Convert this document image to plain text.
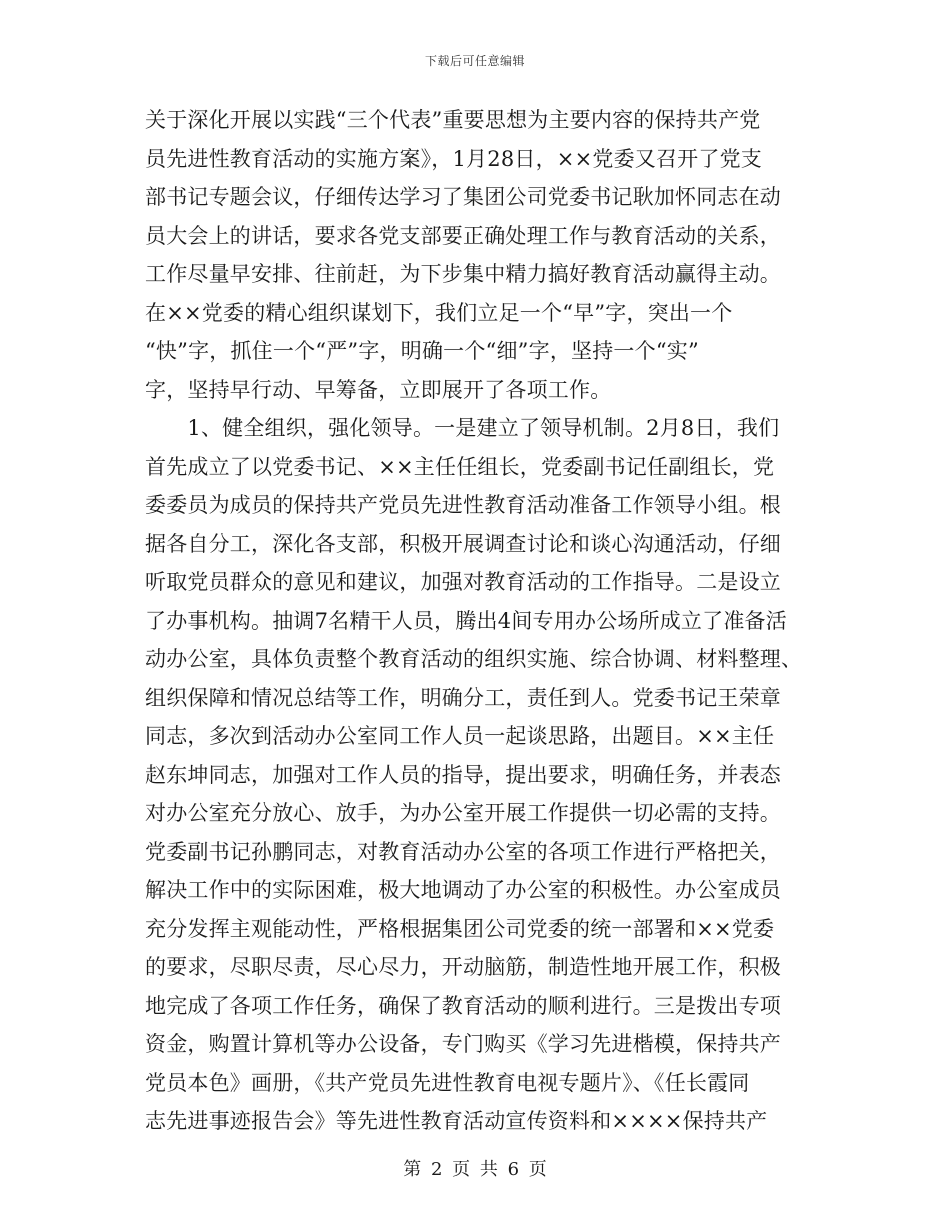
下载后可任意编辑
关于深化开展以实践“三个代表”重要思想为主要内容的保持共产党
员先进性教育活动的实施方案》，1月28日，××党委又召开了党支
部书记专题会议，仔细传达学习了集团公司党委书记耿加怀同志在动
员大会上的讲话，要求各党支部要正确处理工作与教育活动的关系，
工作尽量早安排、往前赶，为下步集中精力搞好教育活动赢得主动。
在××党委的精心组织谋划下，我们立足一个“早”字，突出一个
“快”字，抓住一个“严”字，明确一个“细”字，坚持一个“实”
字，坚持早行动、早筹备，立即展开了各项工作。
　　1、健全组织，强化领导。一是建立了领导机制。2月8日，我们
首先成立了以党委书记、××主任任组长，党委副书记任副组长，党
委委员为成员的保持共产党员先进性教育活动准备工作领导小组。根
据各自分工，深化各支部，积极开展调查讨论和谈心沟通活动，仔细
听取党员群众的意见和建议，加强对教育活动的工作指导。二是设立
了办事机构。抽调7名精干人员，腾出4间专用办公场所成立了准备活
动办公室，具体负责整个教育活动的组织实施、综合协调、材料整理、
组织保障和情况总结等工作，明确分工，责任到人。党委书记王荣章
同志，多次到活动办公室同工作人员一起谈思路，出题目。××主任
赵东坤同志，加强对工作人员的指导，提出要求，明确任务，并表态
对办公室充分放心、放手，为办公室开展工作提供一切必需的支持。
党委副书记孙鹏同志，对教育活动办公室的各项工作进行严格把关，
解决工作中的实际困难，极大地调动了办公室的积极性。办公室成员
充分发挥主观能动性，严格根据集团公司党委的统一部署和××党委
的要求，尽职尽责，尽心尽力，开动脑筋，制造性地开展工作，积极
地完成了各项工作任务，确保了教育活动的顺利进行。三是拨出专项
资金，购置计算机等办公设备，专门购买《学习先进楷模，保持共产
党员本色》画册，《共产党员先进性教育电视专题片》、《任长霞同
志先进事迹报告会》等先进性教育活动宣传资料和××××保持共产
第 2 页 共 6 页
